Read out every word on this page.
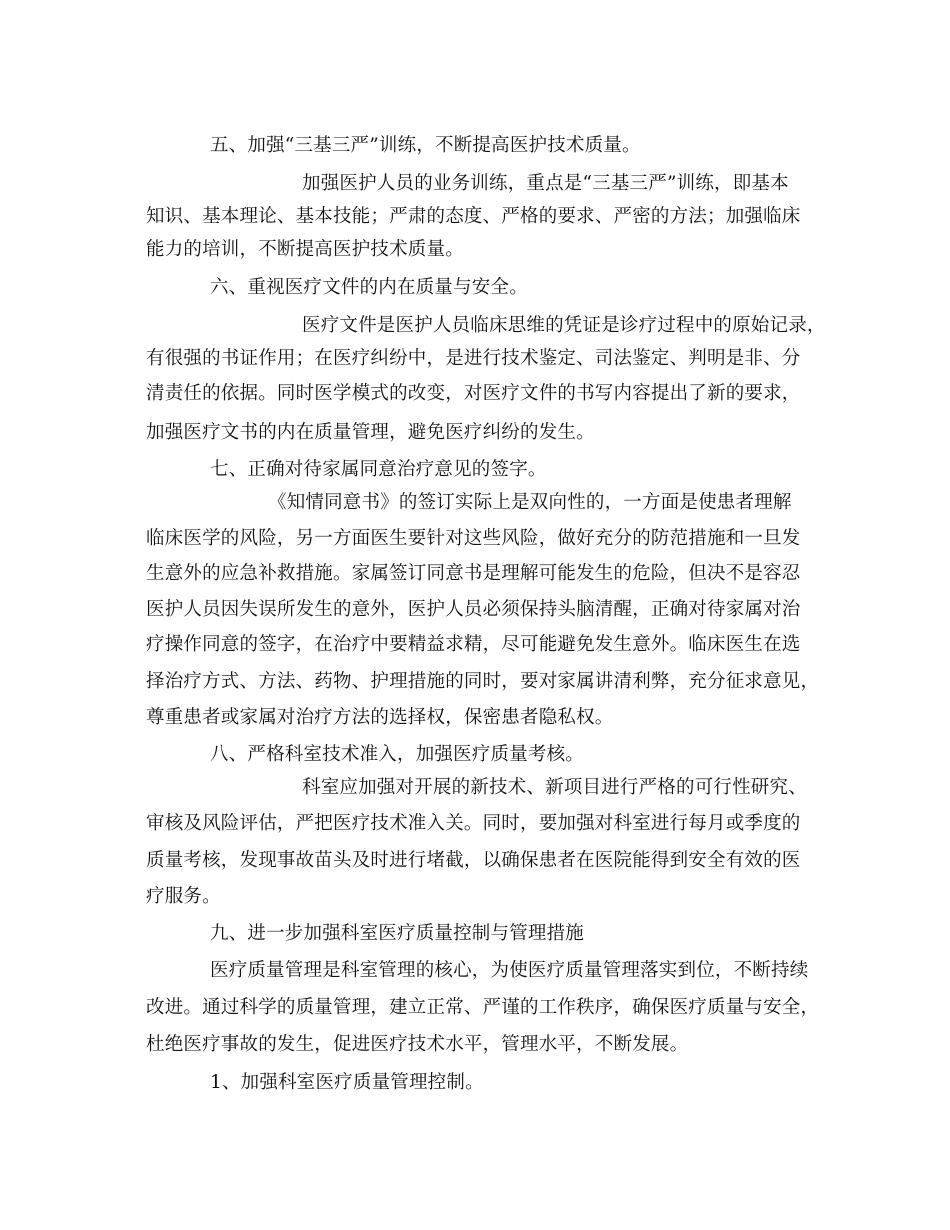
五、加强“三基三严”训练，不断提高医护技术质量。
加强医护人员的业务训练，重点是“三基三严”训练，即基本
知识、基本理论、基本技能；严肃的态度、严格的要求、严密的方法；加强临床
能力的培训，不断提高医护技术质量。
六、重视医疗文件的内在质量与安全。
医疗文件是医护人员临床思维的凭证是诊疗过程中的原始记录，
有很强的书证作用；在医疗纠纷中，是进行技术鉴定、司法鉴定、判明是非、分
清责任的依据。同时医学模式的改变，对医疗文件的书写内容提出了新的要求，
加强医疗文书的内在质量管理，避免医疗纠纷的发生。
七、正确对待家属同意治疗意见的签字。
《知情同意书》的签订实际上是双向性的，一方面是使患者理解
临床医学的风险，另一方面医生要针对这些风险，做好充分的防范措施和一旦发
生意外的应急补救措施。家属签订同意书是理解可能发生的危险，但决不是容忍
医护人员因失误所发生的意外，医护人员必须保持头脑清醒，正确对待家属对治
疗操作同意的签字，在治疗中要精益求精，尽可能避免发生意外。临床医生在选
择治疗方式、方法、药物、护理措施的同时，要对家属讲清利弊，充分征求意见，
尊重患者或家属对治疗方法的选择权，保密患者隐私权。
八、严格科室技术准入，加强医疗质量考核。
科室应加强对开展的新技术、新项目进行严格的可行性研究、
审核及风险评估，严把医疗技术准入关。同时，要加强对科室进行每月或季度的
质量考核，发现事故苗头及时进行堵截，以确保患者在医院能得到安全有效的医
疗服务。
九、进一步加强科室医疗质量控制与管理措施
医疗质量管理是科室管理的核心，为使医疗质量管理落实到位，不断持续
改进。通过科学的质量管理，建立正常、严谨的工作秩序，确保医疗质量与安全，
杜绝医疗事故的发生，促进医疗技术水平，管理水平，不断发展。
1、加强科室医疗质量管理控制。
